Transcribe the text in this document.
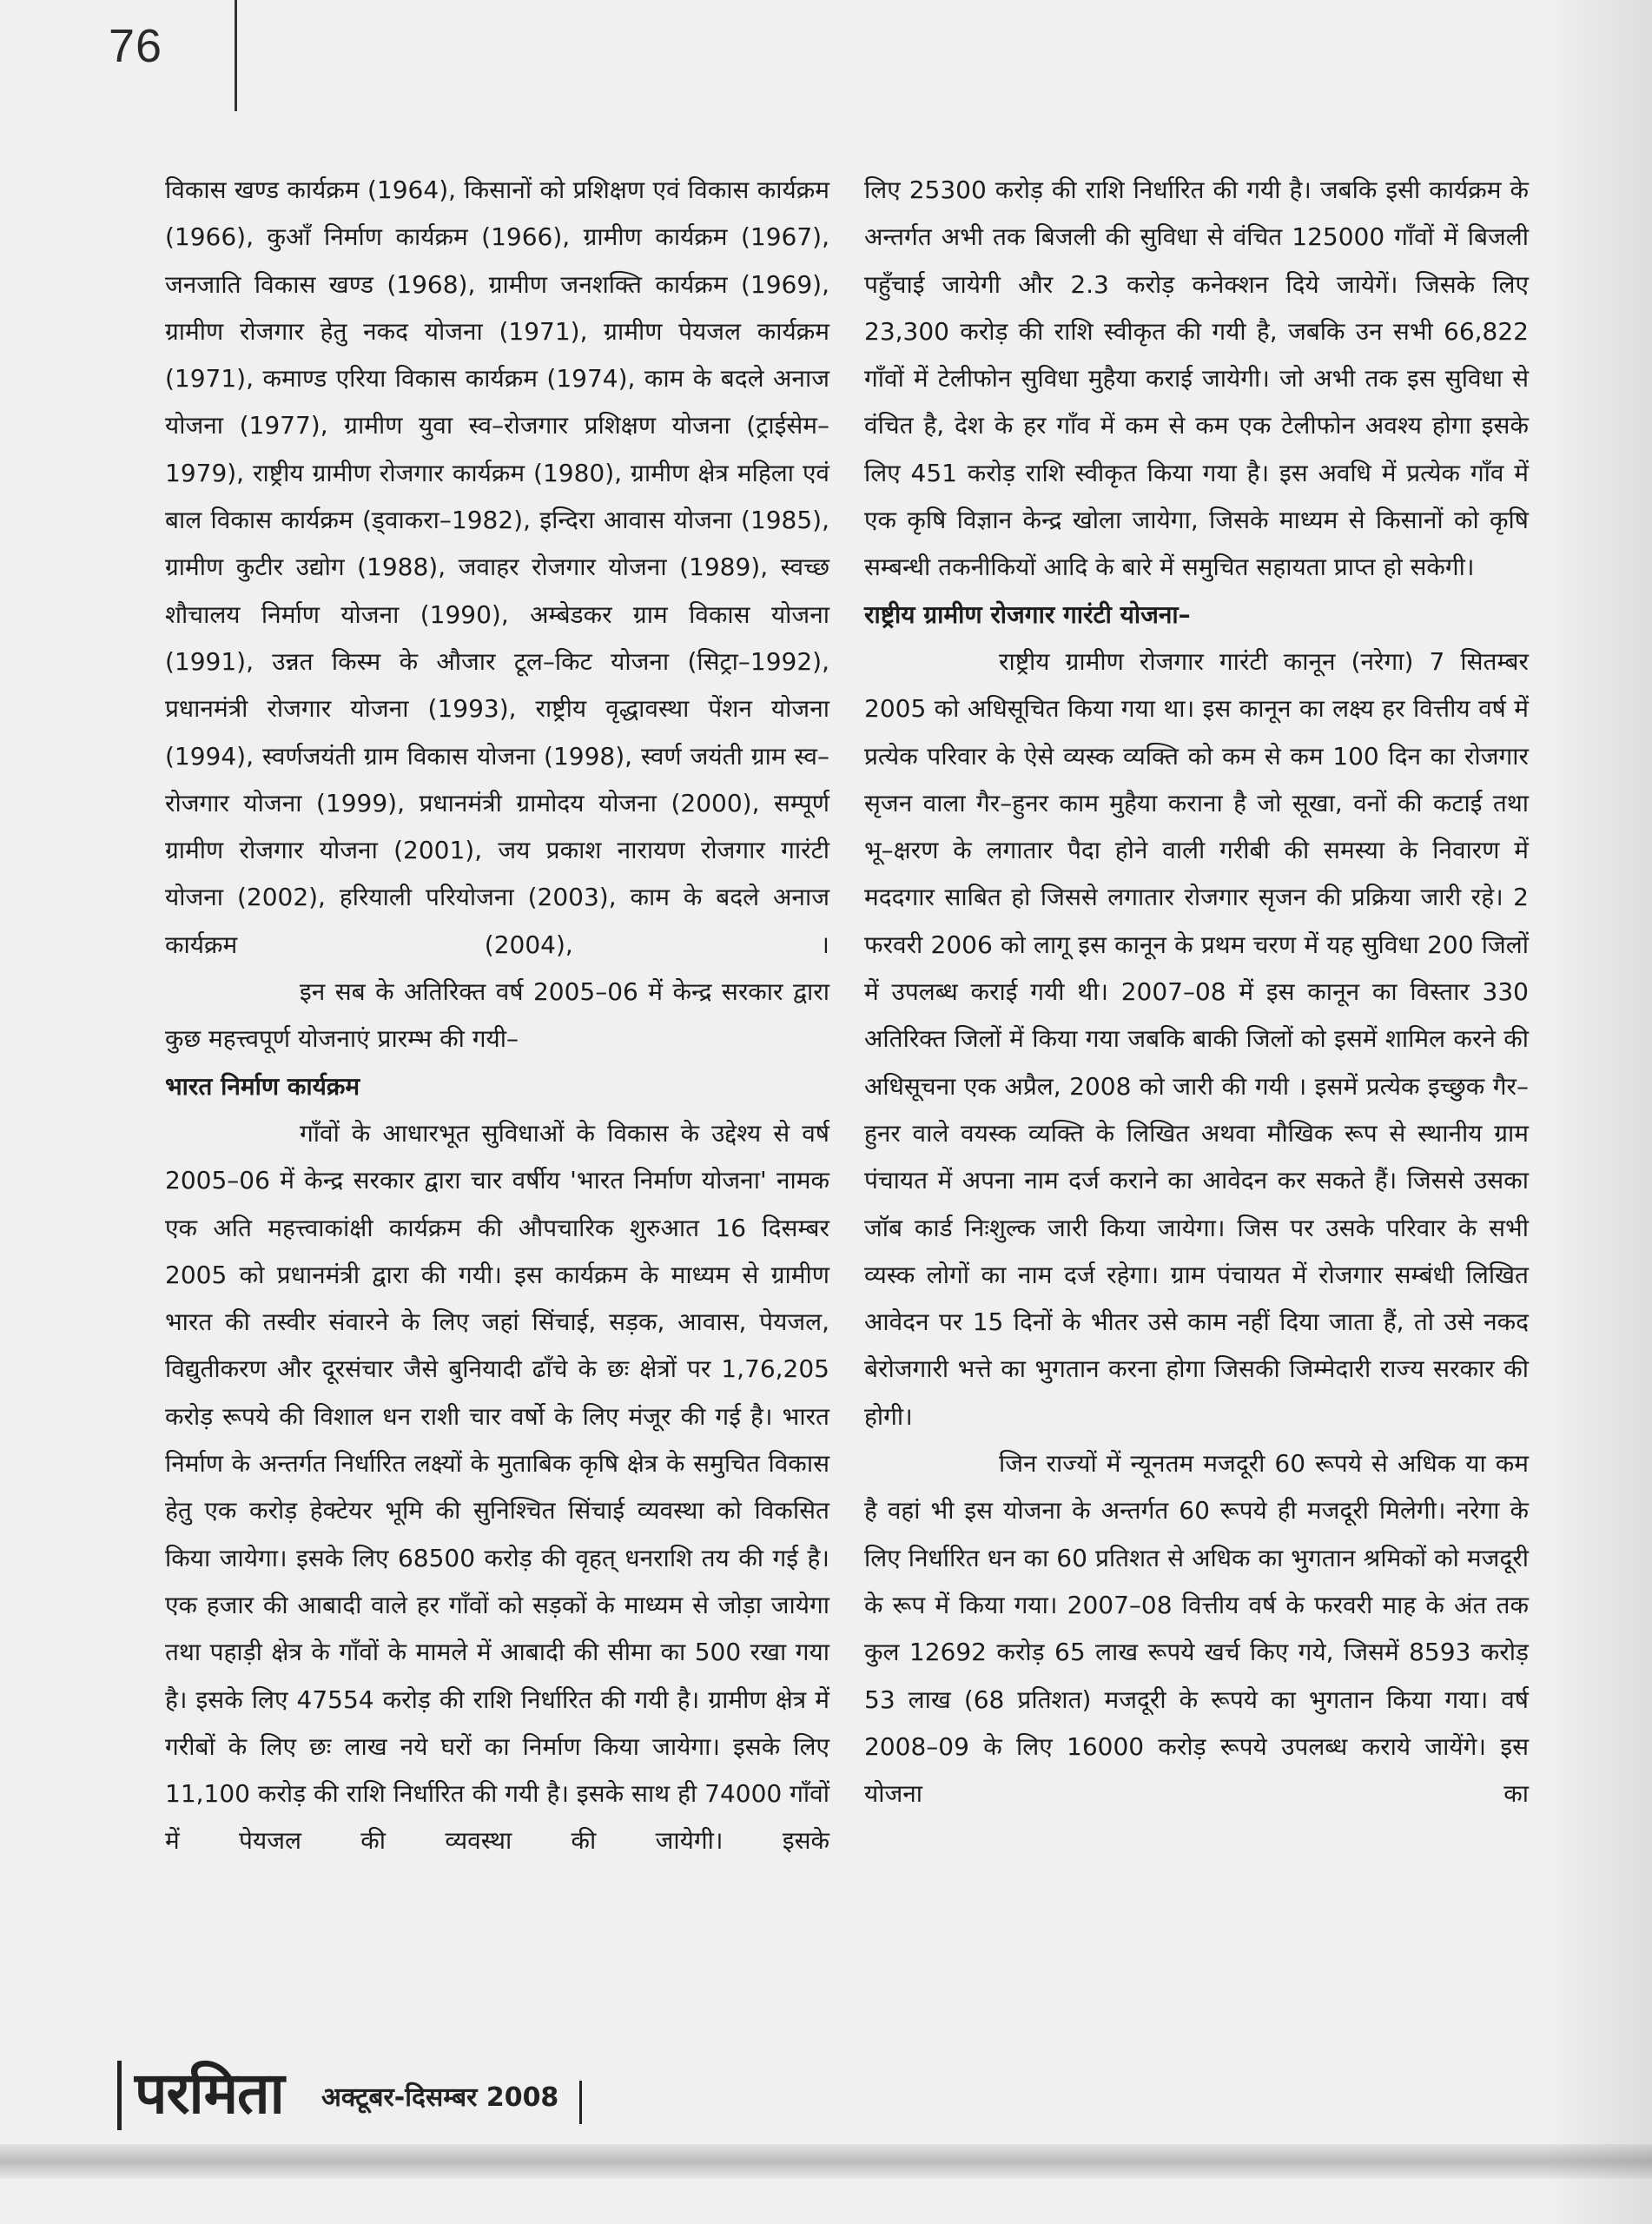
76

विकास खण्ड कार्यक्रम (1964), किसानों को प्रशिक्षण एवं विकास कार्यक्रम (1966), कुआँ निर्माण कार्यक्रम (1966), ग्रामीण कार्यक्रम (1967), जनजाति विकास खण्ड (1968), ग्रामीण जनशक्ति कार्यक्रम (1969), ग्रामीण रोजगार हेतु नकद योजना (1971), ग्रामीण पेयजल कार्यक्रम (1971), कमाण्ड एरिया विकास कार्यक्रम (1974), काम के बदले अनाज योजना (1977), ग्रामीण युवा स्व–रोजगार प्रशिक्षण योजना (ट्राईसेम–1979), राष्ट्रीय ग्रामीण रोजगार कार्यक्रम (1980), ग्रामीण क्षेत्र महिला एवं बाल विकास कार्यक्रम (ड्वाकरा–1982), इन्दिरा आवास योजना (1985), ग्रामीण कुटीर उद्योग (1988), जवाहर रोजगार योजना (1989), स्वच्छ शौचालय निर्माण योजना (1990), अम्बेडकर ग्राम विकास योजना (1991), उन्नत किस्म के औजार टूल–किट योजना (सिट्रा–1992), प्रधानमंत्री रोजगार योजना (1993), राष्ट्रीय वृद्धावस्था पेंशन योजना (1994), स्वर्णजयंती ग्राम विकास योजना (1998), स्वर्ण जयंती ग्राम स्व–रोजगार योजना (1999), प्रधानमंत्री ग्रामोदय योजना (2000), सम्पूर्ण ग्रामीण रोजगार योजना (2001), जय प्रकाश नारायण रोजगार गारंटी योजना (2002), हरियाली परियोजना (2003), काम के बदले अनाज कार्यक्रम (2004), ।

इन सब के अतिरिक्त वर्ष 2005–06 में केन्द्र सरकार द्वारा कुछ महत्त्वपूर्ण योजनाएं प्रारम्भ की गयी–

भारत निर्माण कार्यक्रम

गाँवों के आधारभूत सुविधाओं के विकास के उद्देश्य से वर्ष 2005–06 में केन्द्र सरकार द्वारा चार वर्षीय 'भारत निर्माण योजना' नामक एक अति महत्त्वाकांक्षी कार्यक्रम की औपचारिक शुरुआत 16 दिसम्बर 2005 को प्रधानमंत्री द्वारा की गयी। इस कार्यक्रम के माध्यम से ग्रामीण भारत की तस्वीर संवारने के लिए जहां सिंचाई, सड़क, आवास, पेयजल, विद्युतीकरण और दूरसंचार जैसे बुनियादी ढाँचे के छः क्षेत्रों पर 1,76,205 करोड़ रूपये की विशाल धन राशी चार वर्षो के लिए मंजूर की गई है। भारत निर्माण के अन्तर्गत निर्धारित लक्ष्यों के मुताबिक कृषि क्षेत्र के समुचित विकास हेतु एक करोड़ हेक्टेयर भूमि की सुनिश्चित सिंचाई व्यवस्था को विकसित किया जायेगा। इसके लिए 68500 करोड़ की वृहत् धनराशि तय की गई है। एक हजार की आबादी वाले हर गाँवों को सड़कों के माध्यम से जोड़ा जायेगा तथा पहाड़ी क्षेत्र के गाँवों के मामले में आबादी की सीमा का 500 रखा गया है। इसके लिए 47554 करोड़ की राशि निर्धारित की गयी है। ग्रामीण क्षेत्र में गरीबों के लिए छः लाख नये घरों का निर्माण किया जायेगा। इसके लिए 11,100 करोड़ की राशि निर्धारित की गयी है। इसके साथ ही 74000 गाँवों में पेयजल की व्यवस्था की जायेगी। इसके

लिए 25300 करोड़ की राशि निर्धारित की गयी है। जबकि इसी कार्यक्रम के अन्तर्गत अभी तक बिजली की सुविधा से वंचित 125000 गाँवों में बिजली पहुँचाई जायेगी और 2.3 करोड़ कनेक्शन दिये जायेगें। जिसके लिए 23,300 करोड़ की राशि स्वीकृत की गयी है, जबकि उन सभी 66,822 गाँवों में टेलीफोन सुविधा मुहैया कराई जायेगी। जो अभी तक इस सुविधा से वंचित है, देश के हर गाँव में कम से कम एक टेलीफोन अवश्य होगा इसके लिए 451 करोड़ राशि स्वीकृत किया गया है। इस अवधि में प्रत्येक गाँव में एक कृषि विज्ञान केन्द्र खोला जायेगा, जिसके माध्यम से किसानों को कृषि सम्बन्धी तकनीकियों आदि के बारे में समुचित सहायता प्राप्त हो सकेगी।

राष्ट्रीय ग्रामीण रोजगार गारंटी योजना–

राष्ट्रीय ग्रामीण रोजगार गारंटी कानून (नरेगा) 7 सितम्बर 2005 को अधिसूचित किया गया था। इस कानून का लक्ष्य हर वित्तीय वर्ष में प्रत्येक परिवार के ऐसे व्यस्क व्यक्ति को कम से कम 100 दिन का रोजगार सृजन वाला गैर–हुनर काम मुहैया कराना है जो सूखा, वनों की कटाई तथा भू–क्षरण के लगातार पैदा होने वाली गरीबी की समस्या के निवारण में मददगार साबित हो जिससे लगातार रोजगार सृजन की प्रक्रिया जारी रहे। 2 फरवरी 2006 को लागू इस कानून के प्रथम चरण में यह सुविधा 200 जिलों में उपलब्ध कराई गयी थी। 2007–08 में इस कानून का विस्तार 330 अतिरिक्त जिलों में किया गया जबकि बाकी जिलों को इसमें शामिल करने की अधिसूचना एक अप्रैल, 2008 को जारी की गयी । इसमें प्रत्येक इच्छुक गैर–हुनर वाले वयस्क व्यक्ति के लिखित अथवा मौखिक रूप से स्थानीय ग्राम पंचायत में अपना नाम दर्ज कराने का आवेदन कर सकते हैं। जिससे उसका जॉब कार्ड निःशुल्क जारी किया जायेगा। जिस पर उसके परिवार के सभी व्यस्क लोगों का नाम दर्ज रहेगा। ग्राम पंचायत में रोजगार सम्बंधी लिखित आवेदन पर 15 दिनों के भीतर उसे काम नहीं दिया जाता हैं, तो उसे नकद बेरोजगारी भत्ते का भुगतान करना होगा जिसकी जिम्मेदारी राज्य सरकार की होगी।

जिन राज्यों में न्यूनतम मजदूरी 60 रूपये से अधिक या कम है वहां भी इस योजना के अन्तर्गत 60 रूपये ही मजदूरी मिलेगी। नरेगा के लिए निर्धारित धन का 60 प्रतिशत से अधिक का भुगतान श्रमिकों को मजदूरी के रूप में किया गया। 2007–08 वित्तीय वर्ष के फरवरी माह के अंत तक कुल 12692 करोड़ 65 लाख रूपये खर्च किए गये, जिसमें 8593 करोड़ 53 लाख (68 प्रतिशत) मजदूरी के रूपये का भुगतान किया गया। वर्ष 2008–09 के लिए 16000 करोड़ रूपये उपलब्ध कराये जायेंगे। इस योजना का

परमिता अक्टूबर-दिसम्बर 2008
